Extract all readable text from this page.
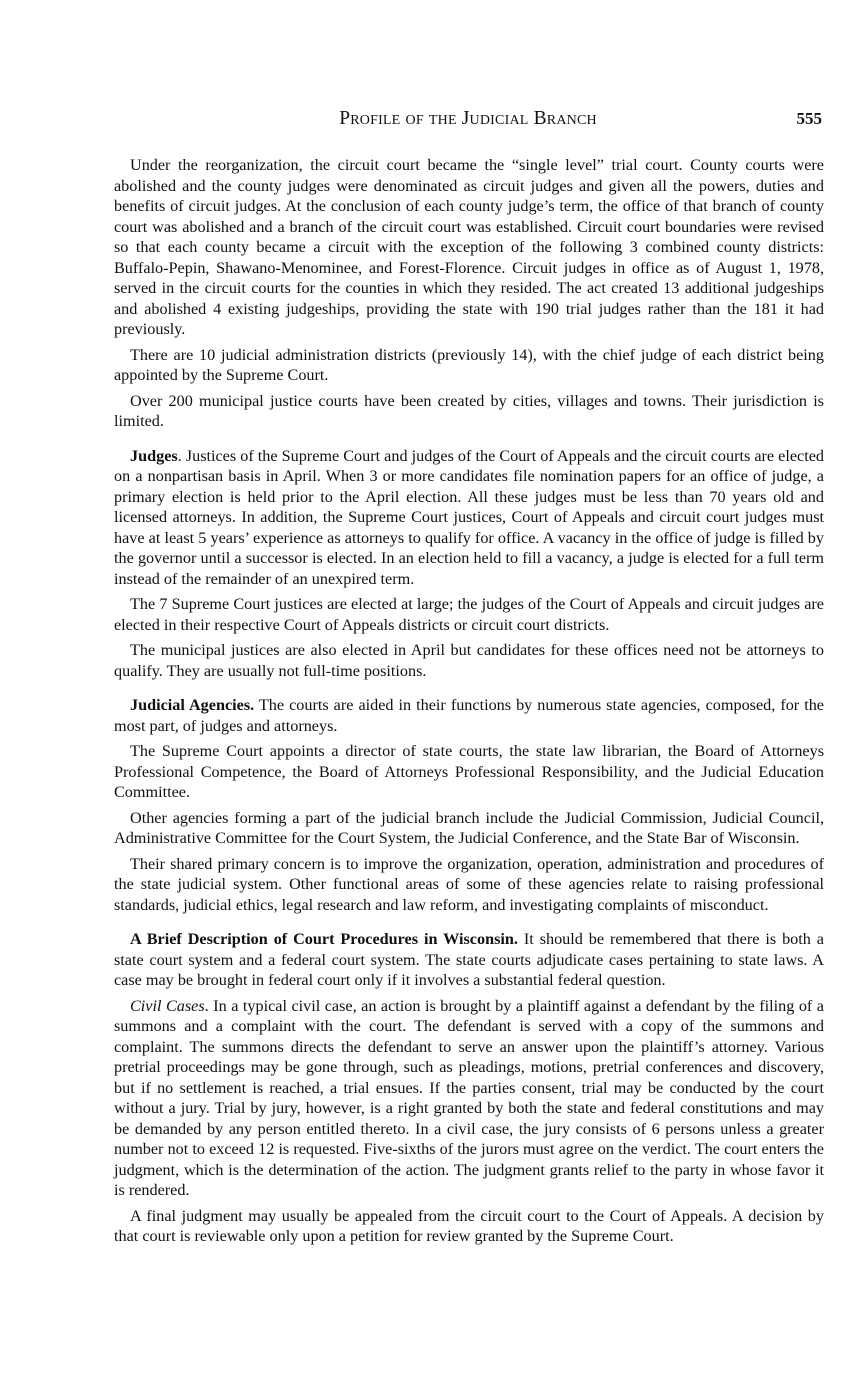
Profile of the Judicial Branch	555

Under the reorganization, the circuit court became the “single level” trial court. County courts were abolished and the county judges were denominated as circuit judges and given all the powers, duties and benefits of circuit judges. At the conclusion of each county judge’s term, the office of that branch of county court was abolished and a branch of the circuit court was established. Circuit court boundaries were revised so that each county became a circuit with the exception of the following 3 combined county districts: Buffalo-Pepin, Shawano-Menominee, and Forest-Florence. Circuit judges in office as of August 1, 1978, served in the circuit courts for the counties in which they resided. The act created 13 additional judgeships and abolished 4 existing judgeships, providing the state with 190 trial judges rather than the 181 it had previously.

There are 10 judicial administration districts (previously 14), with the chief judge of each district being appointed by the Supreme Court.

Over 200 municipal justice courts have been created by cities, villages and towns. Their jurisdiction is limited.

Judges. Justices of the Supreme Court and judges of the Court of Appeals and the circuit courts are elected on a nonpartisan basis in April. When 3 or more candidates file nomination papers for an office of judge, a primary election is held prior to the April election. All these judges must be less than 70 years old and licensed attorneys. In addition, the Supreme Court justices, Court of Appeals and circuit court judges must have at least 5 years’ experience as attorneys to qualify for office. A vacancy in the office of judge is filled by the governor until a successor is elected. In an election held to fill a vacancy, a judge is elected for a full term instead of the remainder of an unexpired term.

The 7 Supreme Court justices are elected at large; the judges of the Court of Appeals and circuit judges are elected in their respective Court of Appeals districts or circuit court districts.

The municipal justices are also elected in April but candidates for these offices need not be attorneys to qualify. They are usually not full-time positions.

Judicial Agencies. The courts are aided in their functions by numerous state agencies, composed, for the most part, of judges and attorneys.

The Supreme Court appoints a director of state courts, the state law librarian, the Board of Attorneys Professional Competence, the Board of Attorneys Professional Responsibility, and the Judicial Education Committee.

Other agencies forming a part of the judicial branch include the Judicial Commission, Judicial Council, Administrative Committee for the Court System, the Judicial Conference, and the State Bar of Wisconsin.

Their shared primary concern is to improve the organization, operation, administration and procedures of the state judicial system. Other functional areas of some of these agencies relate to raising professional standards, judicial ethics, legal research and law reform, and investigating complaints of misconduct.

A Brief Description of Court Procedures in Wisconsin. It should be remembered that there is both a state court system and a federal court system. The state courts adjudicate cases pertaining to state laws. A case may be brought in federal court only if it involves a substantial federal question.

Civil Cases. In a typical civil case, an action is brought by a plaintiff against a defendant by the filing of a summons and a complaint with the court. The defendant is served with a copy of the summons and complaint. The summons directs the defendant to serve an answer upon the plaintiff’s attorney. Various pretrial proceedings may be gone through, such as pleadings, motions, pretrial conferences and discovery, but if no settlement is reached, a trial ensues. If the parties consent, trial may be conducted by the court without a jury. Trial by jury, however, is a right granted by both the state and federal constitutions and may be demanded by any person entitled thereto. In a civil case, the jury consists of 6 persons unless a greater number not to exceed 12 is requested. Five-sixths of the jurors must agree on the verdict. The court enters the judgment, which is the determination of the action. The judgment grants relief to the party in whose favor it is rendered.

A final judgment may usually be appealed from the circuit court to the Court of Appeals. A decision by that court is reviewable only upon a petition for review granted by the Supreme Court.
